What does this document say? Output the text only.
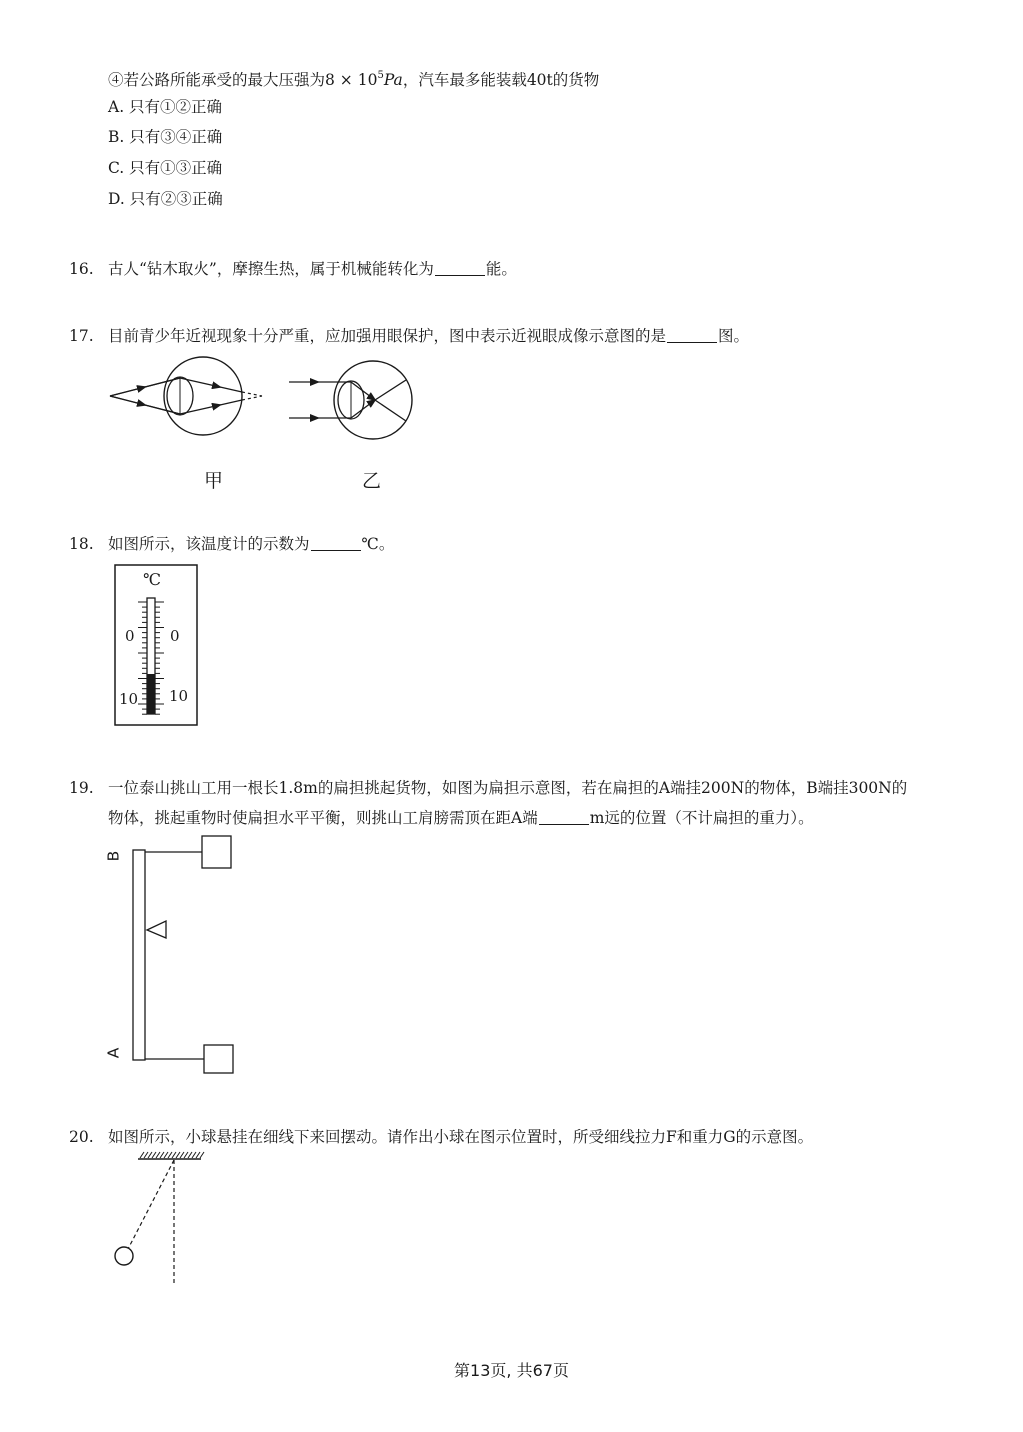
④若公路所能承受的最大压强为$8 \times 10^5Pa$，汽车最多能装载40t的货物
A. 只有①②正确
B. 只有③④正确
C. 只有①③正确
D. 只有②③正确
16. 古人“钻木取火”，摩擦生热，属于机械能转化为	能。
17. 目前青少年近视现象十分严重，应加强用眼保护，图中表示近视眼成像示意图的是	图。
甲	乙
18. 如图所示，该温度计的示数为	℃。
℃
0 0
10 10
19. 一位泰山挑山工用一根长1.8m的扁担挑起货物，如图为扁担示意图，若在扁担的A端挂200N的物体，B端挂300N的
物体，挑起重物时使扁担水平平衡，则挑山工肩膀需顶在距A端	m远的位置（不计扁担的重力）。
B
A
20. 如图所示，小球悬挂在细线下来回摆动。请作出小球在图示位置时，所受细线拉力F和重力G的示意图。
第13页, 共67页
